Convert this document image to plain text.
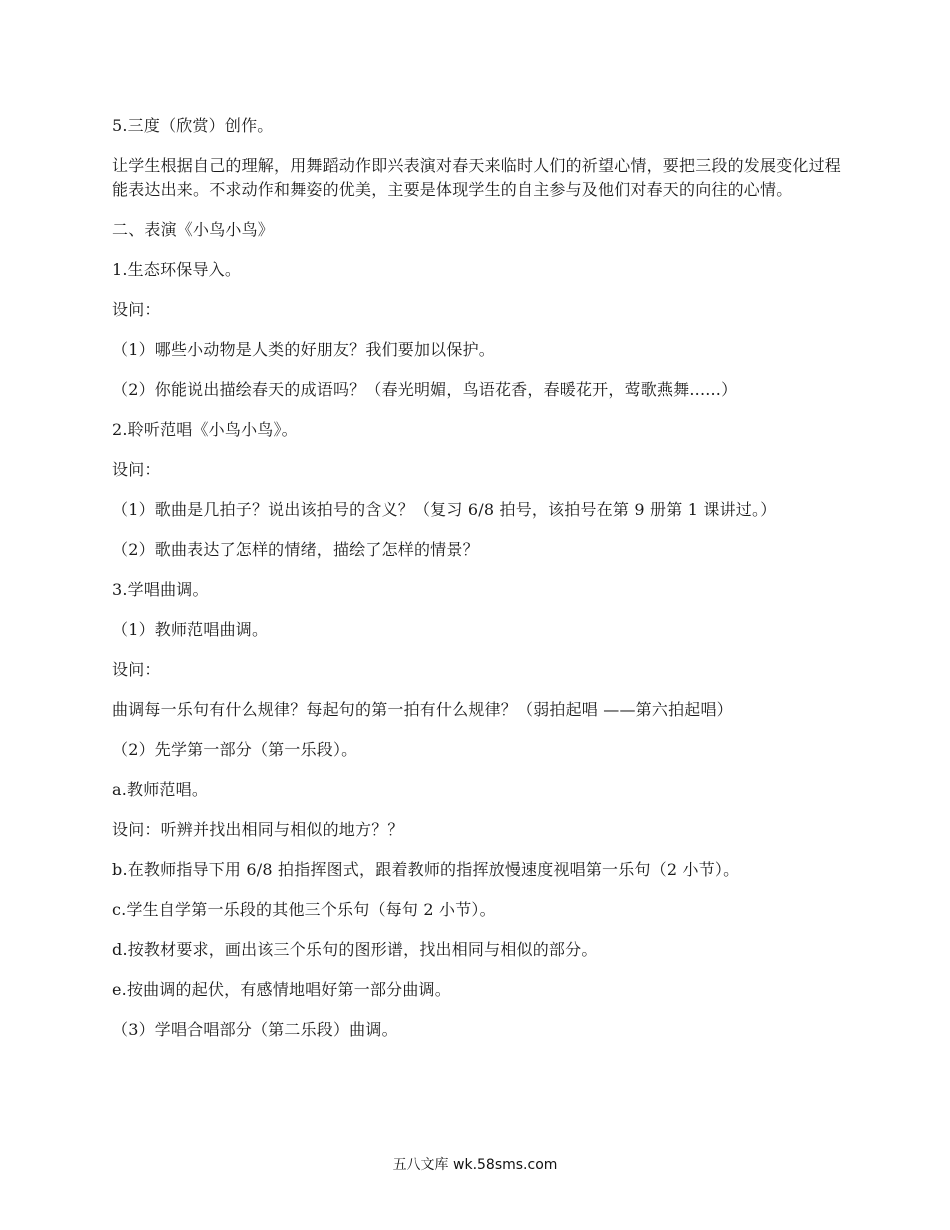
5.三度（欣赏）创作。

让学生根据自己的理解，用舞蹈动作即兴表演对春天来临时人们的祈望心情，要把三段的发展变化过程能表达出来。不求动作和舞姿的优美，主要是体现学生的自主参与及他们对春天的向往的心情。

二、表演《小鸟小鸟》

1.生态环保导入。

设问：

（1）哪些小动物是人类的好朋友？我们要加以保护。

（2）你能说出描绘春天的成语吗？（春光明媚，鸟语花香，春暖花开，莺歌燕舞......）

2.聆听范唱《小鸟小鸟》。

设问：

（1）歌曲是几拍子？说出该拍号的含义？（复习 6/8 拍号，该拍号在第 9 册第 1 课讲过。）

（2）歌曲表达了怎样的情绪，描绘了怎样的情景？

3.学唱曲调。

（1）教师范唱曲调。

设问：

曲调每一乐句有什么规律？每起句的第一拍有什么规律？（弱拍起唱 ——第六拍起唱）

（2）先学第一部分（第一乐段）。

a.教师范唱。

设问：听辨并找出相同与相似的地方？？

b.在教师指导下用 6/8 拍指挥图式，跟着教师的指挥放慢速度视唱第一乐句（2 小节）。

c.学生自学第一乐段的其他三个乐句（每句 2 小节）。

d.按教材要求，画出该三个乐句的图形谱，找出相同与相似的部分。

e.按曲调的起伏，有感情地唱好第一部分曲调。

（3）学唱合唱部分（第二乐段）曲调。

五八文库 wk.58sms.com
